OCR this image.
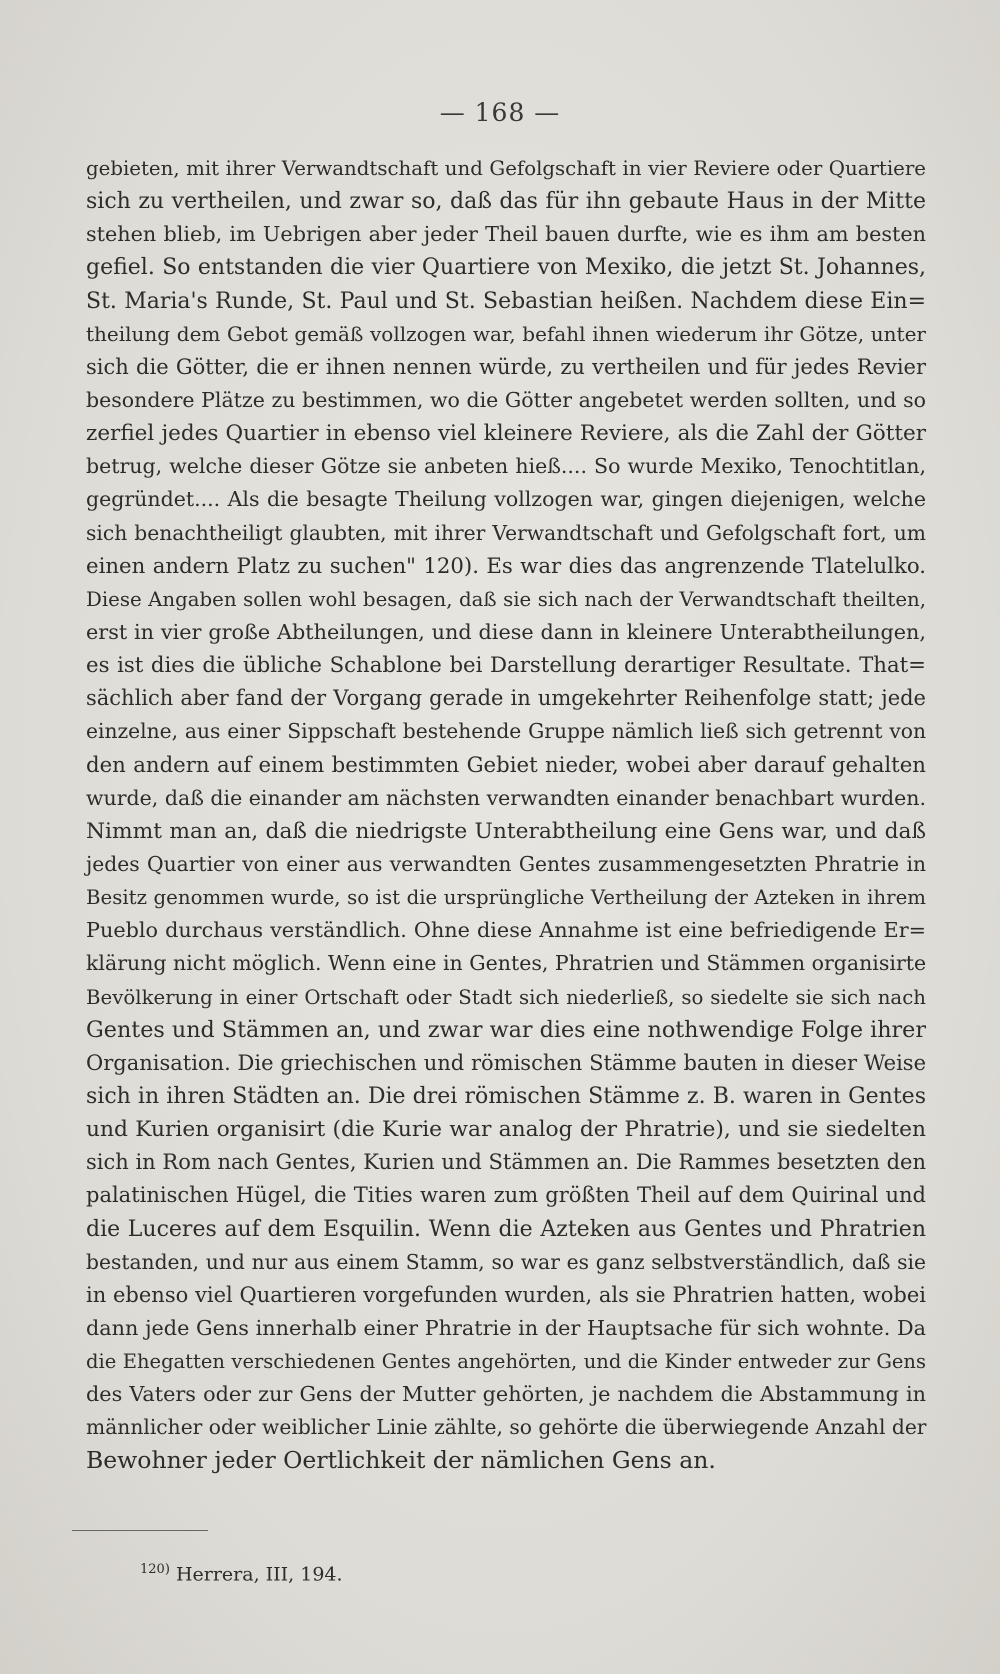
— 168 —
gebieten, mit ihrer Verwandtschaft und Gefolgschaft in vier Reviere oder Quartiere
sich zu vertheilen, und zwar so, daß das für ihn gebaute Haus in der Mitte
stehen blieb, im Uebrigen aber jeder Theil bauen durfte, wie es ihm am besten
gefiel. So entstanden die vier Quartiere von Mexiko, die jetzt St. Johannes,
St. Maria's Runde, St. Paul und St. Sebastian heißen. Nachdem diese Ein=
theilung dem Gebot gemäß vollzogen war, befahl ihnen wiederum ihr Götze, unter
sich die Götter, die er ihnen nennen würde, zu vertheilen und für jedes Revier
besondere Plätze zu bestimmen, wo die Götter angebetet werden sollten, und so
zerfiel jedes Quartier in ebenso viel kleinere Reviere, als die Zahl der Götter
betrug, welche dieser Götze sie anbeten hieß.... So wurde Mexiko, Tenochtitlan,
gegründet.... Als die besagte Theilung vollzogen war, gingen diejenigen, welche
sich benachtheiligt glaubten, mit ihrer Verwandtschaft und Gefolgschaft fort, um
einen andern Platz zu suchen" 120). Es war dies das angrenzende Tlatelulko.
Diese Angaben sollen wohl besagen, daß sie sich nach der Verwandtschaft theilten,
erst in vier große Abtheilungen, und diese dann in kleinere Unterabtheilungen,
es ist dies die übliche Schablone bei Darstellung derartiger Resultate. That=
sächlich aber fand der Vorgang gerade in umgekehrter Reihenfolge statt; jede
einzelne, aus einer Sippschaft bestehende Gruppe nämlich ließ sich getrennt von
den andern auf einem bestimmten Gebiet nieder, wobei aber darauf gehalten
wurde, daß die einander am nächsten verwandten einander benachbart wurden.
Nimmt man an, daß die niedrigste Unterabtheilung eine Gens war, und daß
jedes Quartier von einer aus verwandten Gentes zusammengesetzten Phratrie in
Besitz genommen wurde, so ist die ursprüngliche Vertheilung der Azteken in ihrem
Pueblo durchaus verständlich. Ohne diese Annahme ist eine befriedigende Er=
klärung nicht möglich. Wenn eine in Gentes, Phratrien und Stämmen organisirte
Bevölkerung in einer Ortschaft oder Stadt sich niederließ, so siedelte sie sich nach
Gentes und Stämmen an, und zwar war dies eine nothwendige Folge ihrer
Organisation. Die griechischen und römischen Stämme bauten in dieser Weise
sich in ihren Städten an. Die drei römischen Stämme z. B. waren in Gentes
und Kurien organisirt (die Kurie war analog der Phratrie), und sie siedelten
sich in Rom nach Gentes, Kurien und Stämmen an. Die Rammes besetzten den
palatinischen Hügel, die Tities waren zum größten Theil auf dem Quirinal und
die Luceres auf dem Esquilin. Wenn die Azteken aus Gentes und Phratrien
bestanden, und nur aus einem Stamm, so war es ganz selbstverständlich, daß sie
in ebenso viel Quartieren vorgefunden wurden, als sie Phratrien hatten, wobei
dann jede Gens innerhalb einer Phratrie in der Hauptsache für sich wohnte. Da
die Ehegatten verschiedenen Gentes angehörten, und die Kinder entweder zur Gens
des Vaters oder zur Gens der Mutter gehörten, je nachdem die Abstammung in
männlicher oder weiblicher Linie zählte, so gehörte die überwiegende Anzahl der
Bewohner jeder Oertlichkeit der nämlichen Gens an.
$^{120)}$ Herrera, III, 194.
